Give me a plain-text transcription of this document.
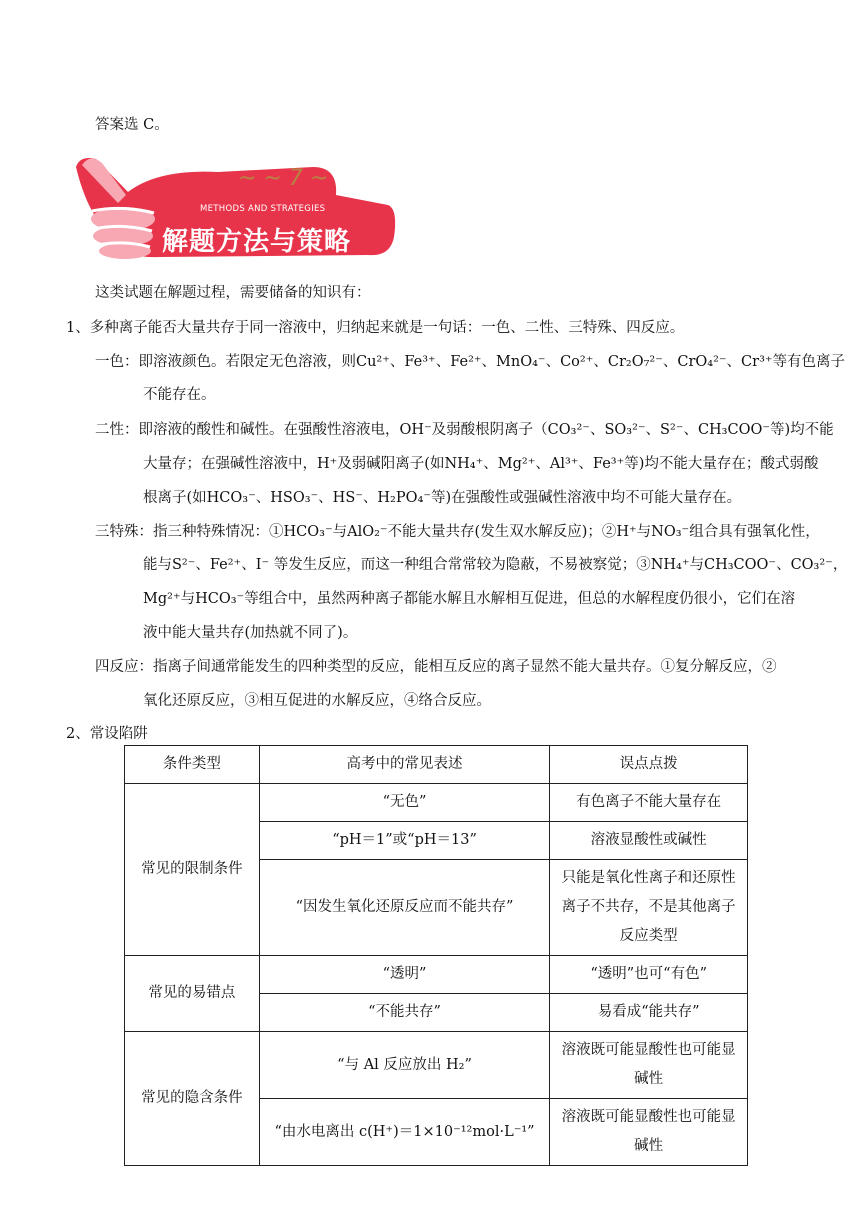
答案选 C。
~ ~ 7 ~
METHODS AND STRATEGIES
解题方法与策略
这类试题在解题过程，需要储备的知识有：
1、多种离子能否大量共存于同一溶液中，归纳起来就是一句话：一色、二性、三特殊、四反应。
一色：即溶液颜色。若限定无色溶液，则Cu²⁺、Fe³⁺、Fe²⁺、MnO₄⁻、Co²⁺、Cr₂O₇²⁻、CrO₄²⁻、Cr³⁺等有色离子
不能存在。
二性：即溶液的酸性和碱性。在强酸性溶液电，OH⁻及弱酸根阴离子（CO₃²⁻、SO₃²⁻、S²⁻、CH₃COO⁻等)均不能
大量存；在强碱性溶液中，H⁺及弱碱阳离子(如NH₄⁺、Mg²⁺、Al³⁺、Fe³⁺等)均不能大量存在；酸式弱酸
根离子(如HCO₃⁻、HSO₃⁻、HS⁻、H₂PO₄⁻等)在强酸性或强碱性溶液中均不可能大量存在。
三特殊：指三种特殊情况：①HCO₃⁻与AlO₂⁻不能大量共存(发生双水解反应)；②H⁺与NO₃⁻组合具有强氧化性，
能与S²⁻、Fe²⁺、I⁻ 等发生反应，而这一种组合常常较为隐蔽，不易被察觉；③NH₄⁺与CH₃COO⁻、CO₃²⁻，
Mg²⁺与HCO₃⁻等组合中，虽然两种离子都能水解且水解相互促进，但总的水解程度仍很小，它们在溶
液中能大量共存(加热就不同了)。
四反应：指离子间通常能发生的四种类型的反应，能相互反应的离子显然不能大量共存。①复分解反应，②
氧化还原反应，③相互促进的水解反应，④络合反应。
2、常设陷阱
条件类型	高考中的常见表述	误点点拨
常见的限制条件	“无色”	有色离子不能大量存在
	“pH＝1”或“pH＝13”	溶液显酸性或碱性
	“因发生氧化还原反应而不能共存”	只能是氧化性离子和还原性离子不共存，不是其他离子反应类型
常见的易错点	“透明”	“透明”也可“有色”
	“不能共存”	易看成“能共存”
常见的隐含条件	“与 Al 反应放出 H₂”	溶液既可能显酸性也可能显碱性
	“由水电离出 c(H⁺)＝1×10⁻¹²mol·L⁻¹”	溶液既可能显酸性也可能显碱性
